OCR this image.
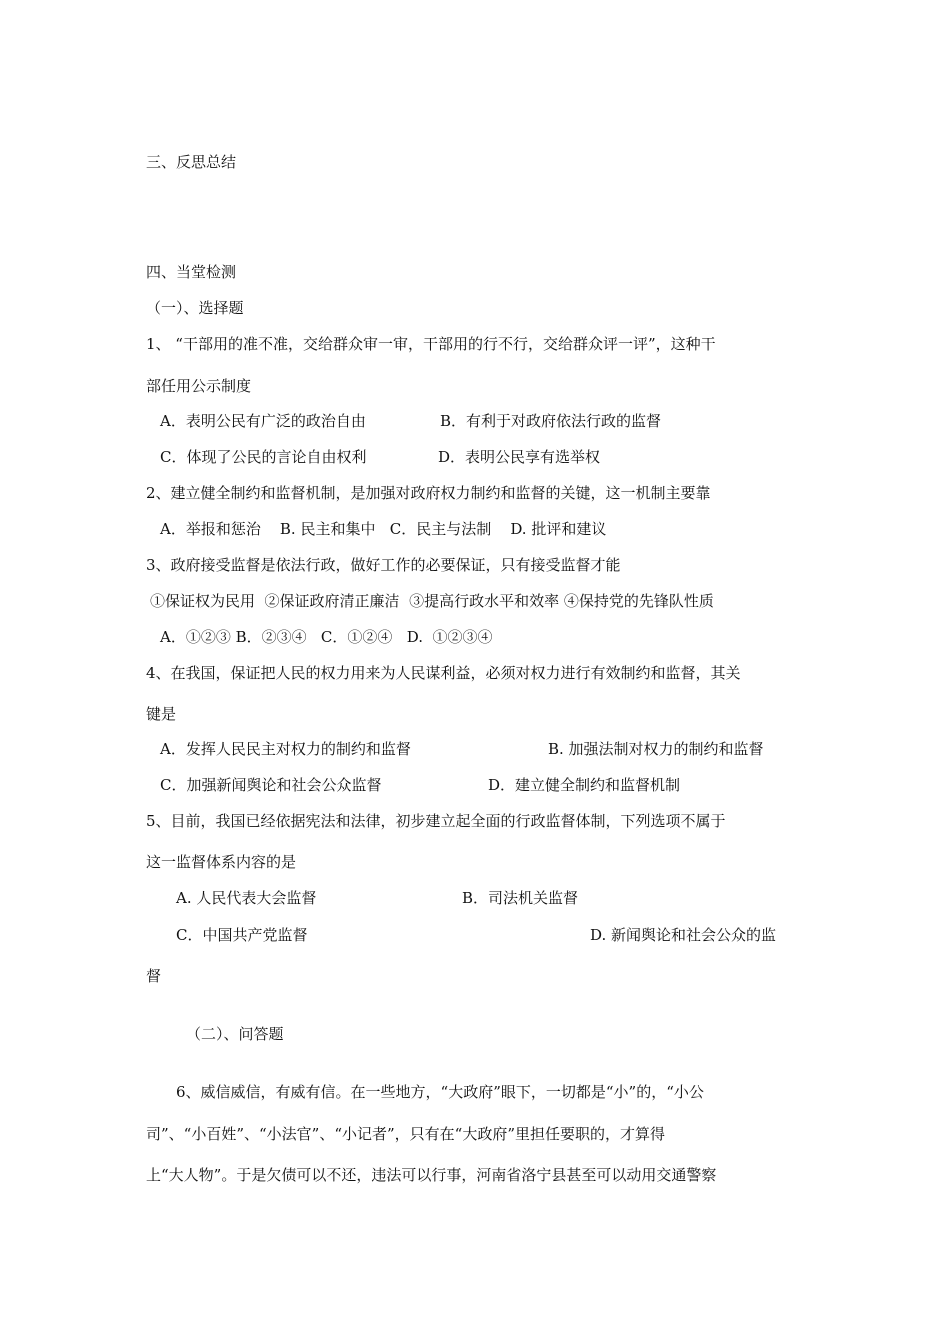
三、反思总结
四、当堂检测
（一）、选择题
1、 “干部用的准不准，交给群众审一审，干部用的行不行，交给群众评一评”，这种干
部任用公示制度
A．表明公民有广泛的政治自由	B．有利于对政府依法行政的监督
C．体现了公民的言论自由权利	D．表明公民享有选举权
2、建立健全制约和监督机制，是加强对政府权力制约和监督的关键，这一机制主要靠
A．举报和惩治    B. 民主和集中   C．民主与法制    D. 批评和建议
3、政府接受监督是依法行政，做好工作的必要保证，只有接受监督才能
①保证权为民用  ②保证政府清正廉洁  ③提高行政水平和效率 ④保持党的先锋队性质
A．①②③ B．②③④   C．①②④   D.  ①②③④
4、在我国，保证把人民的权力用来为人民谋利益，必须对权力进行有效制约和监督，其关
键是
A．发挥人民民主对权力的制约和监督	B. 加强法制对权力的制约和监督
C．加强新闻舆论和社会公众监督	D．建立健全制约和监督机制
5、目前，我国已经依据宪法和法律，初步建立起全面的行政监督体制，下列选项不属于
这一监督体系内容的是
A. 人民代表大会监督	B．司法机关监督
C．中国共产党监督	D. 新闻舆论和社会公众的监
督
（二）、问答题
6、威信威信，有威有信。在一些地方，“大政府”眼下，一切都是“小”的，“小公
司”、“小百姓”、“小法官”、“小记者”，只有在“大政府”里担任要职的，才算得
上“大人物”。于是欠债可以不还，违法可以行事，河南省洛宁县甚至可以动用交通警察
